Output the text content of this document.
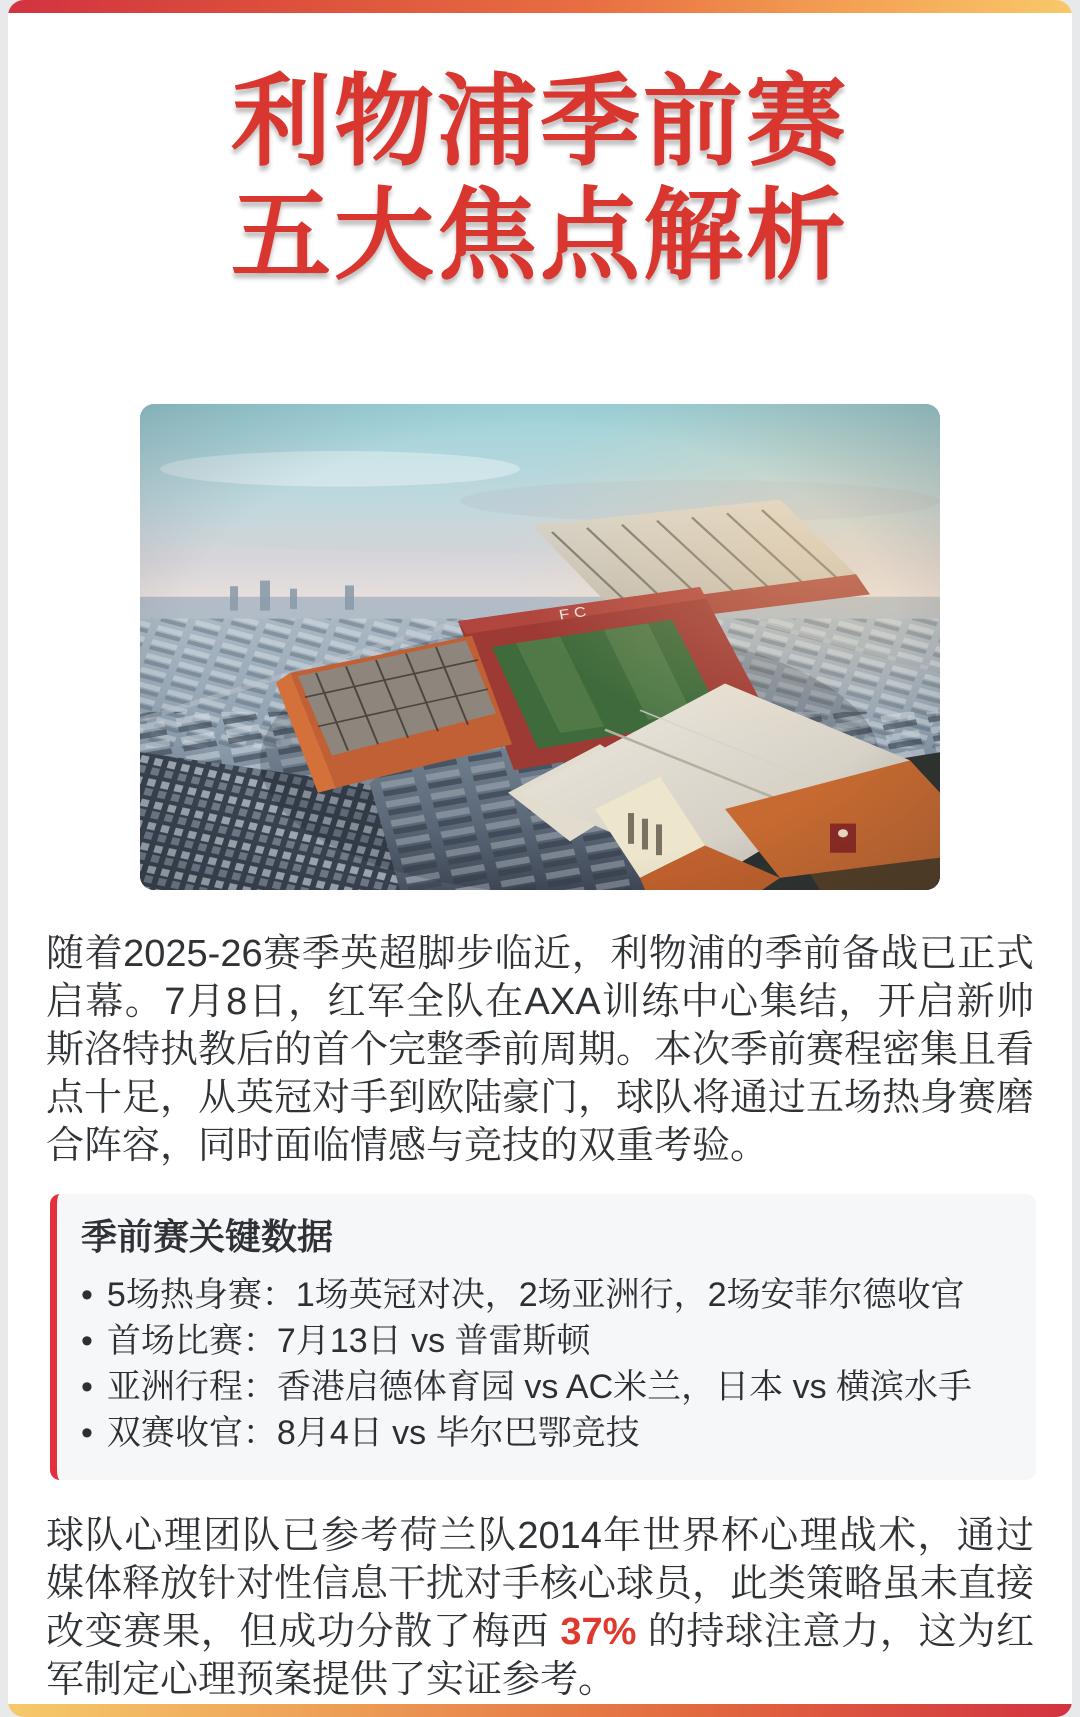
利物浦季前赛
五大焦点解析

随着2025-26赛季英超脚步临近，利物浦的季前备战已正式启幕。7月8日，红军全队在AXA训练中心集结，开启新帅斯洛特执教后的首个完整季前周期。本次季前赛程密集且看点十足，从英冠对手到欧陆豪门，球队将通过五场热身赛磨合阵容，同时面临情感与竞技的双重考验。

季前赛关键数据
• 5场热身赛：1场英冠对决，2场亚洲行，2场安菲尔德收官
• 首场比赛：7月13日 vs 普雷斯顿
• 亚洲行程：香港启德体育园 vs AC米兰，日本 vs 横滨水手
• 双赛收官：8月4日 vs 毕尔巴鄂竞技

球队心理团队已参考荷兰队2014年世界杯心理战术，通过媒体释放针对性信息干扰对手核心球员，此类策略虽未直接改变赛果，但成功分散了梅西 37% 的持球注意力，这为红军制定心理预案提供了实证参考。
